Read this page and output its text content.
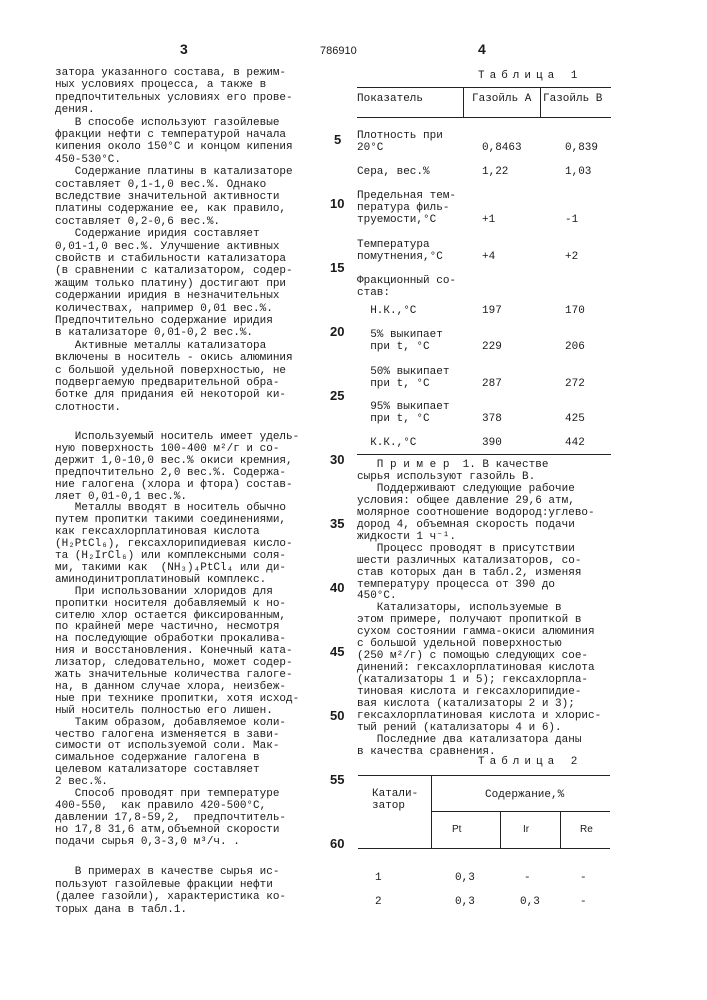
3	786910	4
5
10
15
20
25
30
35
40
45
50
55
60
затора указанного состава, в режим-
ных условиях процесса, а также в
предпочтительных условиях его прове-
дения.
В способе используют газойлевые
фракции нефти с температурой начала
кипения около 150°С и концом кипения
450-530°С.
Содержание платины в катализаторе
составляет 0,1-1,0 вес.%. Однако
вследствие значительной активности
платины содержание ее, как правило,
составляет 0,2-0,6 вес.%.
Содержание иридия составляет
0,01-1,0 вес.%. Улучшение активных
свойств и стабильности катализатора
(в сравнении с катализатором, содер-
жащим только платину) достигают при
содержании иридия в незначительных
количествах, например 0,01 вес.%.
Предпочтительно содержание иридия
в катализаторе 0,01-0,2 вес.%.
Активные металлы катализатора
включены в носитель - окись алюминия
с большой удельной поверхностью, не
подвергаемую предварительной обра-
ботке для придания ей некоторой ки-
слотности.
Используемый носитель имеет удель-
ную поверхность 100-400 м²/г и со-
держит 1,0-10,0 вес.% окиси кремния,
предпочтительно 2,0 вес.%. Содержа-
ние галогена (хлора и фтора) состав-
ляет 0,01-0,1 вес.%.
Металлы вводят в носитель обычно
путем пропитки такими соединениями,
как гексахлорплатиновая кислота
(H₂PtCl₆), гексахлорипидиевая кисло-
та (H₂IrCl₆) или комплексными соля-
ми, такими как  (NH₃)₄PtCl₄ или ди-
аминодинитроплатиновый комплекс.
При использовании хлоридов для
пропитки носителя добавляемый к но-
сителю хлор остается фиксированным,
по крайней мере частично, несмотря
на последующие обработки прокалива-
ния и восстановления. Конечный ката-
лизатор, следовательно, может содер-
жать значительные количества галоге-
на, в данном случае хлора, неизбеж-
ные при технике пропитки, хотя исход-
ный носитель полностью его лишен.
Таким образом, добавляемое коли-
чество галогена изменяется в зави-
симости от используемой соли. Мак-
симальное содержание галогена в
целевом катализаторе составляет
2 вес.%.
Способ проводят при температуре
400-550,  как правило 420-500°С,
давлении 17,8-59,2,  предпочтитель-
но 17,8 31,6 атм,объемной скорости
подачи сырья 0,3-3,0 м³/ч. .
В примерах в качестве сырья ис-
пользуют газойлевые фракции нефти
(далее газойли), характеристика ко-
торых дана в табл.1.
Таблица 1
Показатель	Газойль А Газойль В
Плотность при
20°С	0,8463	0,839
Сера, вес.%	1,22	1,03
Предельная тем-
пература филь-
труемости,°С	+1	-1
Температура
помутнения,°С	+4	+2
Фракционный со-
став:
Н.К.,°С	197	170
5% выкипает
при t, °С	229	206
50% выкипает
при t, °С	287	272
95% выкипает
при t, °С	378	425
К.К.,°С	390	442
П р и м е р  1. В качестве
сырья используют газойль В.
Поддерживают следующие рабочие
условия: общее давление 29,6 атм,
молярное соотношение водород:углево-
дород 4, объемная скорость подачи
жидкости 1 ч⁻¹.
Процесс проводят в присутствии
шести различных катализаторов, со-
став которых дан в табл.2, изменяя
температуру процесса от 390 до
450°С.
Катализаторы, используемые в
этом примере, получают пропиткой в
сухом состоянии гамма-окиси алюминия
с большой удельной поверхностью
(250 м²/г) с помощью следующих сое-
динений: гексахлорплатиновая кислота
(катализаторы 1 и 5); гексахлорпла-
тиновая кислота и гексахлорипидие-
вая кислота (катализаторы 2 и 3);
гексахлорплатиновая кислота и хлорис-
тый рений (катализаторы 4 и 6).
Последние два катализатора даны
в качества сравнения.
Таблица 2
Катали-
затор
Содержание,%
Pt	Ir	Re
1	0,3	-	-
2	0,3	0,3	-
